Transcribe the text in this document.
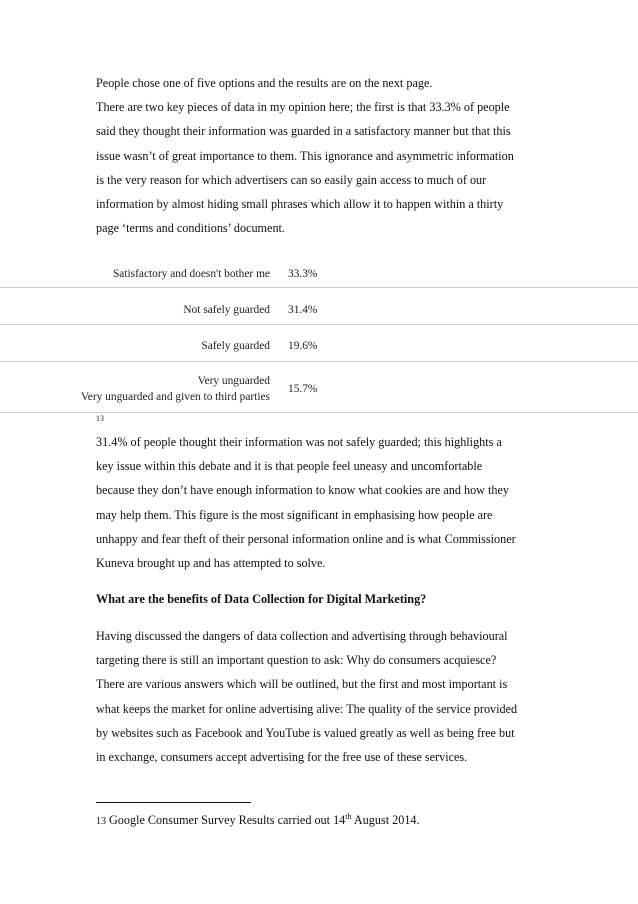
People chose one of five options and the results are on the next page.
There are two key pieces of data in my opinion here; the first is that 33.3% of people
said they thought their information was guarded in a satisfactory manner but that this
issue wasn’t of great importance to them. This ignorance and asymmetric information
is the very reason for which advertisers can so easily gain access to much of our
information by almost hiding small phrases which allow it to happen within a thirty
page ‘terms and conditions’ document.
Satisfactory and doesn't bother me 33.3%
Not safely guarded 31.4%
Safely guarded 19.6%
Very unguarded
Very unguarded and given to third parties
15.7%
13
31.4% of people thought their information was not safely guarded; this highlights a
key issue within this debate and it is that people feel uneasy and uncomfortable
because they don’t have enough information to know what cookies are and how they
may help them. This figure is the most significant in emphasising how people are
unhappy and fear theft of their personal information online and is what Commissioner
Kuneva brought up and has attempted to solve.
What are the benefits of Data Collection for Digital Marketing?
Having discussed the dangers of data collection and advertising through behavioural
targeting there is still an important question to ask: Why do consumers acquiesce?
There are various answers which will be outlined, but the first and most important is
what keeps the market for online advertising alive: The quality of the service provided
by websites such as Facebook and YouTube is valued greatly as well as being free but
in exchange, consumers accept advertising for the free use of these services.
13 Google Consumer Survey Results carried out 14th August 2014.
